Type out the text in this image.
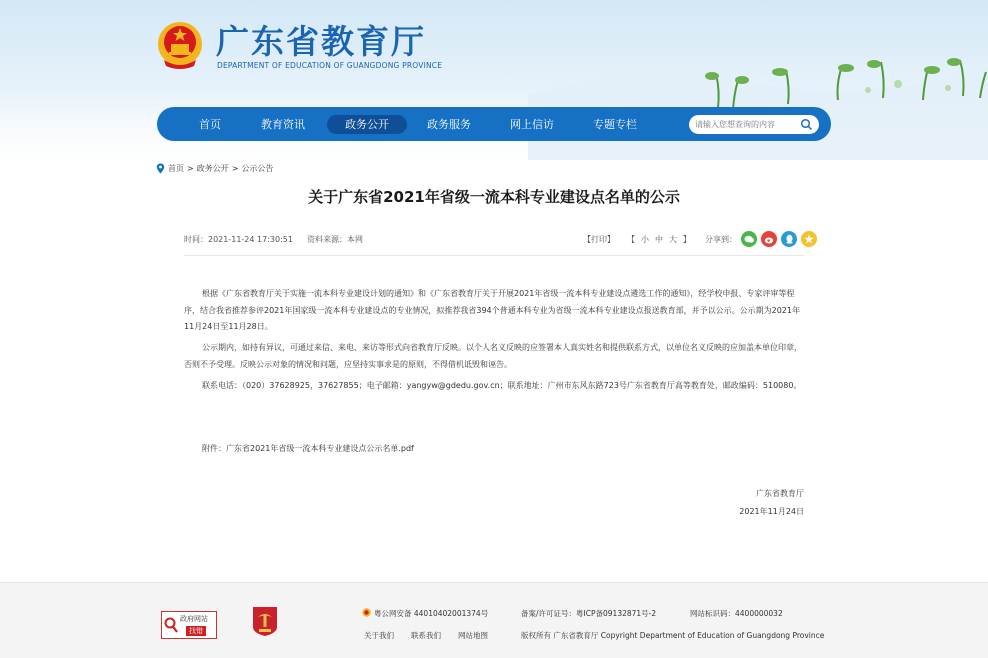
广东省教育厅
DEPARTMENT OF EDUCATION OF GUANGDONG PROVINCE
首页	教育资讯	政务公开	政务服务	网上信访	专题专栏
请输入您想查询的内容
首页 > 政务公开 > 公示公告
关于广东省2021年省级一流本科专业建设点名单的公示
时间：2021-11-24 17:30:51 资料来源：本网	【打印】 【 小 中 大 】 分享到：

根据《广东省教育厅关于实施一流本科专业建设计划的通知》和《广东省教育厅关于开展2021年省级一流本科专业建设点遴选工作的通知》，经学校申报、专家评审等程序，结合我省推荐参评2021年国家级一流本科专业建设点的专业情况，拟推荐我省394个普通本科专业为省级一流本科专业建设点报送教育部，并予以公示。公示期为2021年11月24日至11月28日。

公示期内，如持有异议，可通过来信、来电、来访等形式向省教育厅反映。以个人名义反映的应签署本人真实姓名和提供联系方式，以单位名义反映的应加盖本单位印章，否则不予受理。反映公示对象的情况和问题，应坚持实事求是的原则，不得借机诋毁和诬告。

联系电话：（020）37628925，37627855；电子邮箱：yangyw@gdedu.gov.cn；联系地址：广州市东风东路723号广东省教育厅高等教育处，邮政编码：510080。

附件：广东省2021年省级一流本科专业建设点公示名单.pdf
广东省教育厅
2021年11月24日
政府网站
找错
粤公网安备 44010402001374号	备案/许可证号：粤ICP备09132871号-2	网站标识码：4400000032
关于我们 联系我们 网站地图	版权所有 广东省教育厅 Copyright Department of Education of Guangdong Province
